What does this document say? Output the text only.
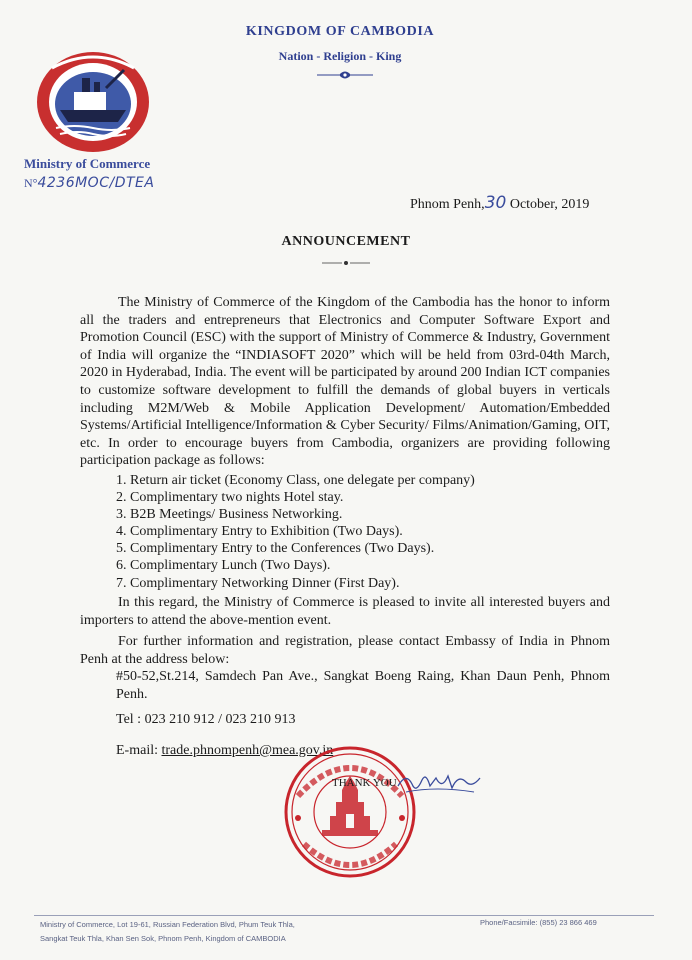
KINGDOM OF CAMBODIA
Nation - Religion - King
Ministry of Commerce
N°4236MOC/DTEA
Phnom Penh,30 October, 2019
ANNOUNCEMENT
The Ministry of Commerce of the Kingdom of the Cambodia has the honor to inform all the traders and entrepreneurs that Electronics and Computer Software Export and Promotion Council (ESC) with the support of Ministry of Commerce & Industry, Government of India will organize the “INDIASOFT 2020” which will be held from 03rd-04th March, 2020 in Hyderabad, India. The event will be participated by around 200 Indian ICT companies to customize software development to fulfill the demands of global buyers in verticals including M2M/Web & Mobile Application Development/ Automation/Embedded Systems/Artificial Intelligence/Information & Cyber Security/ Films/Animation/Gaming, OIT, etc. In order to encourage buyers from Cambodia, organizers are providing following participation package as follows:
1. Return air ticket (Economy Class, one delegate per company)
2. Complimentary two nights Hotel stay.
3. B2B Meetings/ Business Networking.
4. Complimentary Entry to Exhibition (Two Days).
5. Complimentary Entry to the Conferences (Two Days).
6. Complimentary Lunch (Two Days).
7. Complimentary Networking Dinner (First Day).
In this regard, the Ministry of Commerce is pleased to invite all interested buyers and importers to attend the above-mention event.
For further information and registration, please contact Embassy of India in Phnom Penh at the address below:
#50-52,St.214, Samdech Pan Ave., Sangkat Boeng Raing, Khan Daun Penh, Phnom Penh.
Tel : 023 210 912 / 023 210 913
E-mail: trade.phnompenh@mea.gov.in
THANK YOU
Ministry of Commerce, Lot 19-61, Russian Federation Blvd, Phum Teuk Thla,
Sangkat Teuk Thla, Khan Sen Sok, Phnom Penh, Kingdom of CAMBODIA
Phone/Facsimile: (855) 23 866 469
